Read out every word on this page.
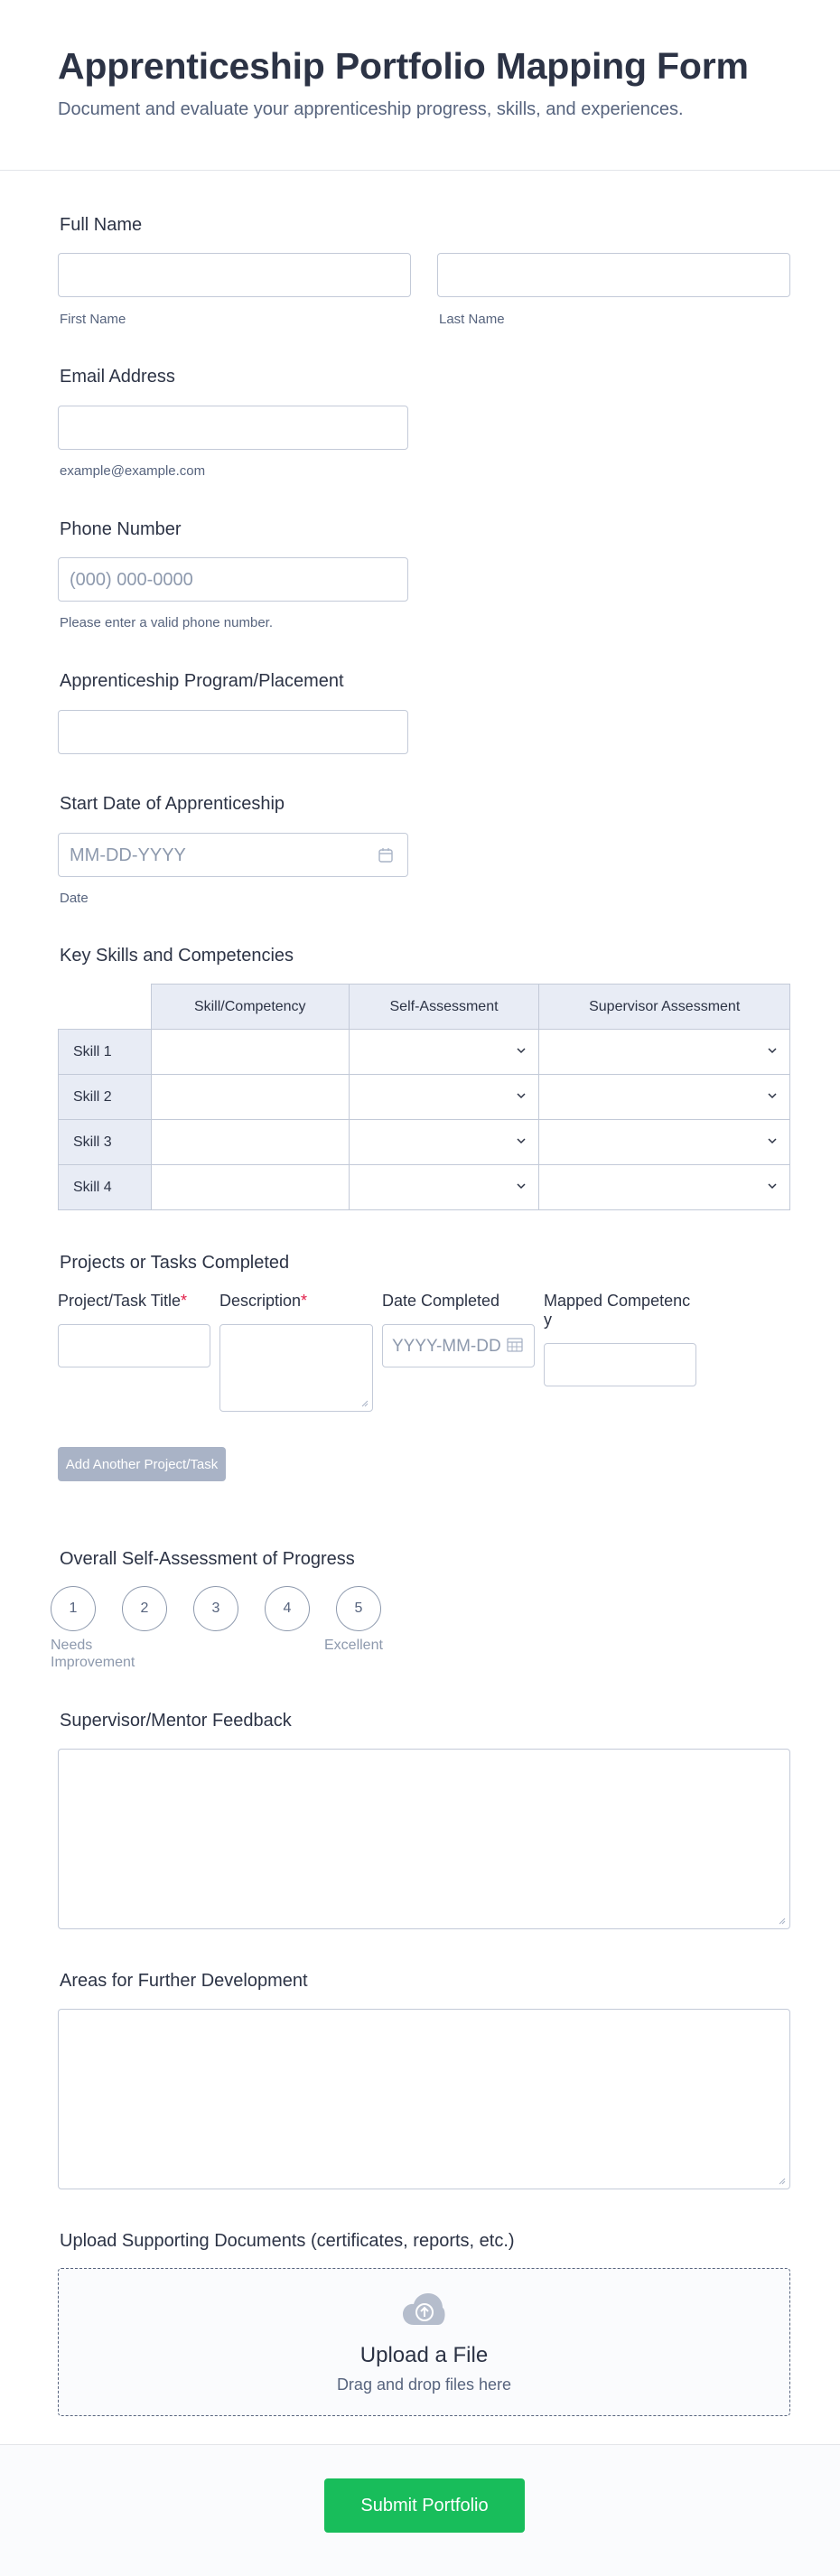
Apprenticeship Portfolio Mapping Form
Document and evaluate your apprenticeship progress, skills, and experiences.
Full Name
First Name	Last Name
Email Address
example@example.com
Phone Number
(000) 000-0000
Please enter a valid phone number.
Apprenticeship Program/Placement
Start Date of Apprenticeship
MM-DD-YYYY
Date
Key Skills and Competencies
	Skill/Competency	Self-Assessment	Supervisor Assessment
Skill 1		

Skill 2		

Skill 3		

Skill 4		

Projects or Tasks Completed
Project/Task Title* Description*	Date Completed	Mapped Competency
YYYY-MM-DD
Add Another Project/Task
Overall Self-Assessment of Progress
1	2	3	4	5
Needs Improvement
Excellent
Supervisor/Mentor Feedback
Areas for Further Development
Upload Supporting Documents (certificates, reports, etc.)
Upload a File
Drag and drop files here
Submit Portfolio
